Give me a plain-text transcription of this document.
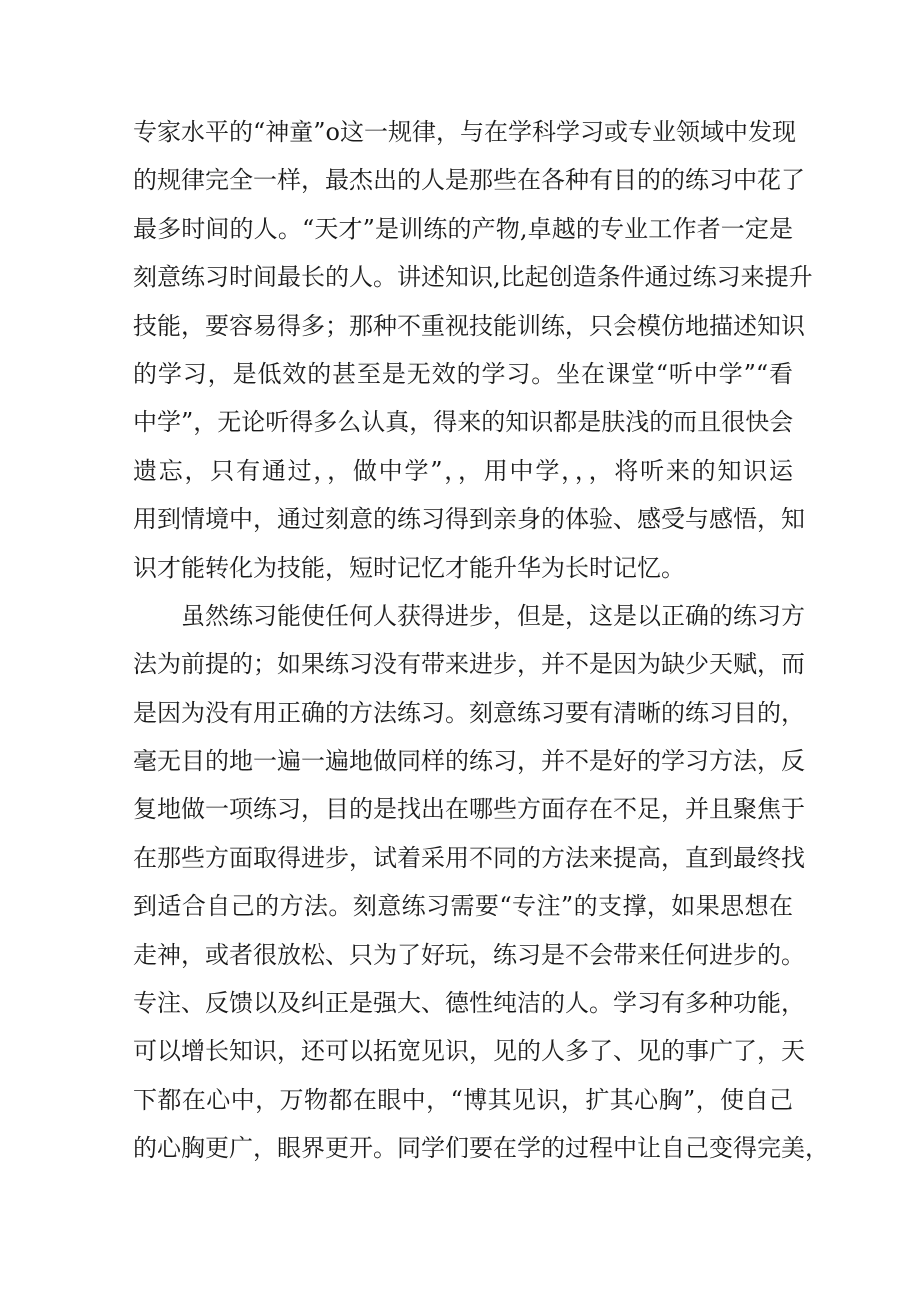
专家水平的“神童”o这一规律，与在学科学习或专业领域中发现
的规律完全一样，最杰出的人是那些在各种有目的的练习中花了
最多时间的人。“天才”是训练的产物,卓越的专业工作者一定是
刻意练习时间最长的人。讲述知识,比起创造条件通过练习来提升
技能，要容易得多；那种不重视技能训练，只会模仿地描述知识
的学习，是低效的甚至是无效的学习。坐在课堂“听中学”“看
中学”，无论听得多么认真，得来的知识都是肤浅的而且很快会
遗忘，只有通过，，做中学”，，用中学，，，将听来的知识运
用到情境中，通过刻意的练习得到亲身的体验、感受与感悟，知
识才能转化为技能，短时记忆才能升华为长时记忆。
虽然练习能使任何人获得进步，但是，这是以正确的练习方
法为前提的；如果练习没有带来进步，并不是因为缺少天赋，而
是因为没有用正确的方法练习。刻意练习要有清晰的练习目的，
毫无目的地一遍一遍地做同样的练习，并不是好的学习方法，反
复地做一项练习，目的是找出在哪些方面存在不足，并且聚焦于
在那些方面取得进步，试着采用不同的方法来提高，直到最终找
到适合自己的方法。刻意练习需要“专注”的支撑，如果思想在
走神，或者很放松、只为了好玩，练习是不会带来任何进步的。
专注、反馈以及纠正是强大、德性纯洁的人。学习有多种功能，
可以增长知识，还可以拓宽见识，见的人多了、见的事广了，天
下都在心中，万物都在眼中，“博其见识，扩其心胸”，使自己
的心胸更广，眼界更开。同学们要在学的过程中让自己变得完美，
